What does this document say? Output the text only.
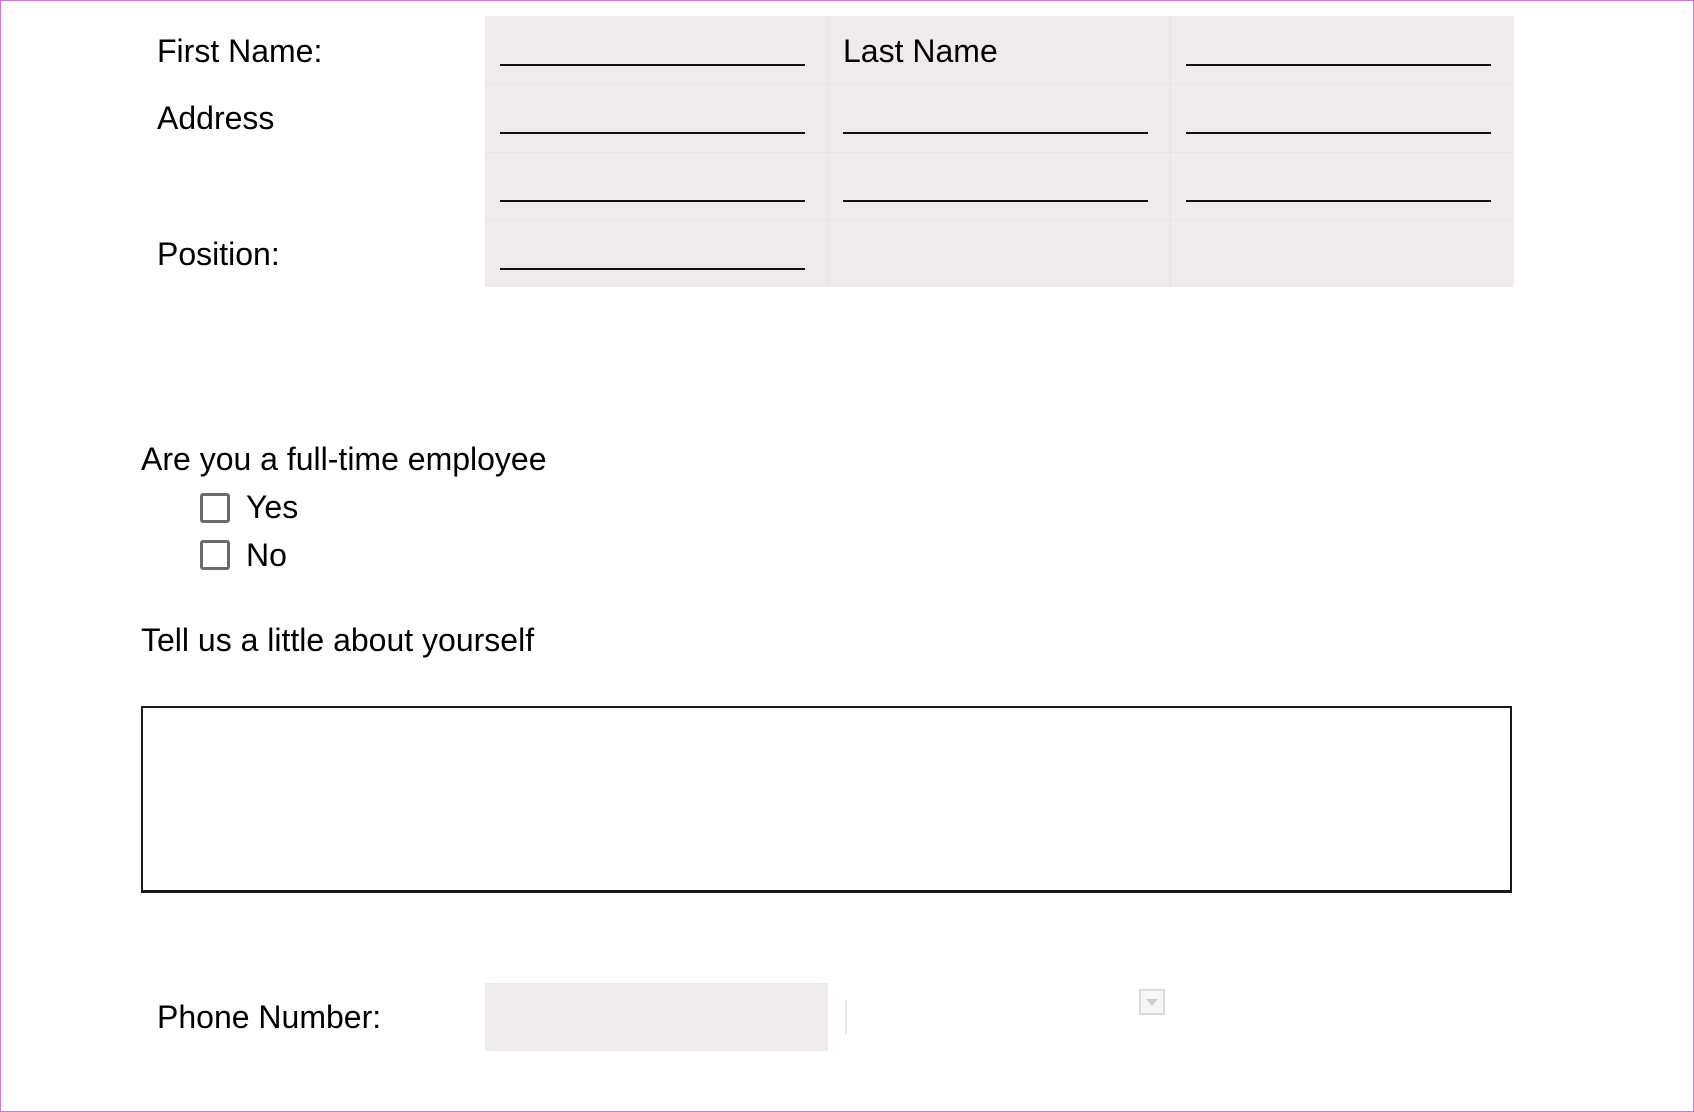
First Name:
Address
Position:
Last Name
Are you a full-time employee
Yes
No
Tell us a little about yourself
Phone Number:
